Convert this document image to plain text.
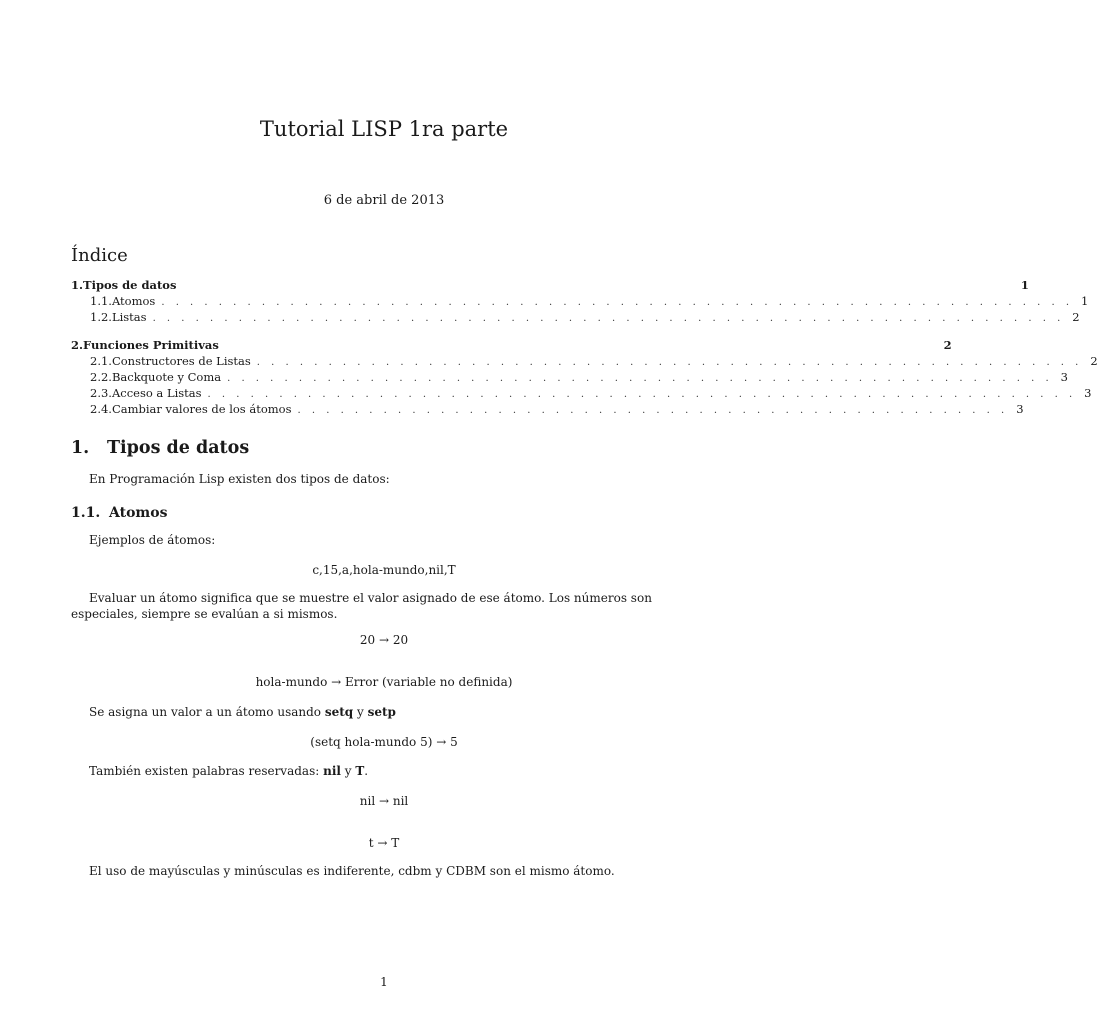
Tutorial LISP 1ra parte
6 de abril de 2013
Índice
1. Tipos de datos	1
1.1. Atomos . . . . . . . . . . . . . . . . . . . . . . . . . . . . . . . . . . . . . . . . . . . . . . . . . . . . . . . . . . . . . . . . 1
1.2. Listas . . . . . . . . . . . . . . . . . . . . . . . . . . . . . . . . . . . . . . . . . . . . . . . . . . . . . . . . . . . . . . . . 2
2. Funciones Primitivas	2
2.1. Constructores de Listas . . . . . . . . . . . . . . . . . . . . . . . . . . . . . . . . . . . . . . . . . . . . . . . . . . . . . . . . . . 2
2.2. Backquote y Coma . . . . . . . . . . . . . . . . . . . . . . . . . . . . . . . . . . . . . . . . . . . . . . . . . . . . . . . . . . 3
2.3. Acceso a Listas . . . . . . . . . . . . . . . . . . . . . . . . . . . . . . . . . . . . . . . . . . . . . . . . . . . . . . . . . . . . . 3
2.4. Cambiar valores de los átomos . . . . . . . . . . . . . . . . . . . . . . . . . . . . . . . . . . . . . . . . . . . . . . . . . . 3
1. Tipos de datos
En Programación Lisp existen dos tipos de datos:
1.1. Atomos
Ejemplos de átomos:
c,15,a,hola-mundo,nil,T
Evaluar un átomo significa que se muestre el valor asignado de ese átomo. Los números son especiales, siempre se evalúan a si mismos.
20 → 20
hola-mundo → Error (variable no definida)
Se asigna un valor a un átomo usando setq y setp
(setq hola-mundo 5) → 5
También existen palabras reservadas: nil y T.
nil → nil
t → T
El uso de mayúsculas y minúsculas es indiferente, cdbm y CDBM son el mismo átomo.
1
